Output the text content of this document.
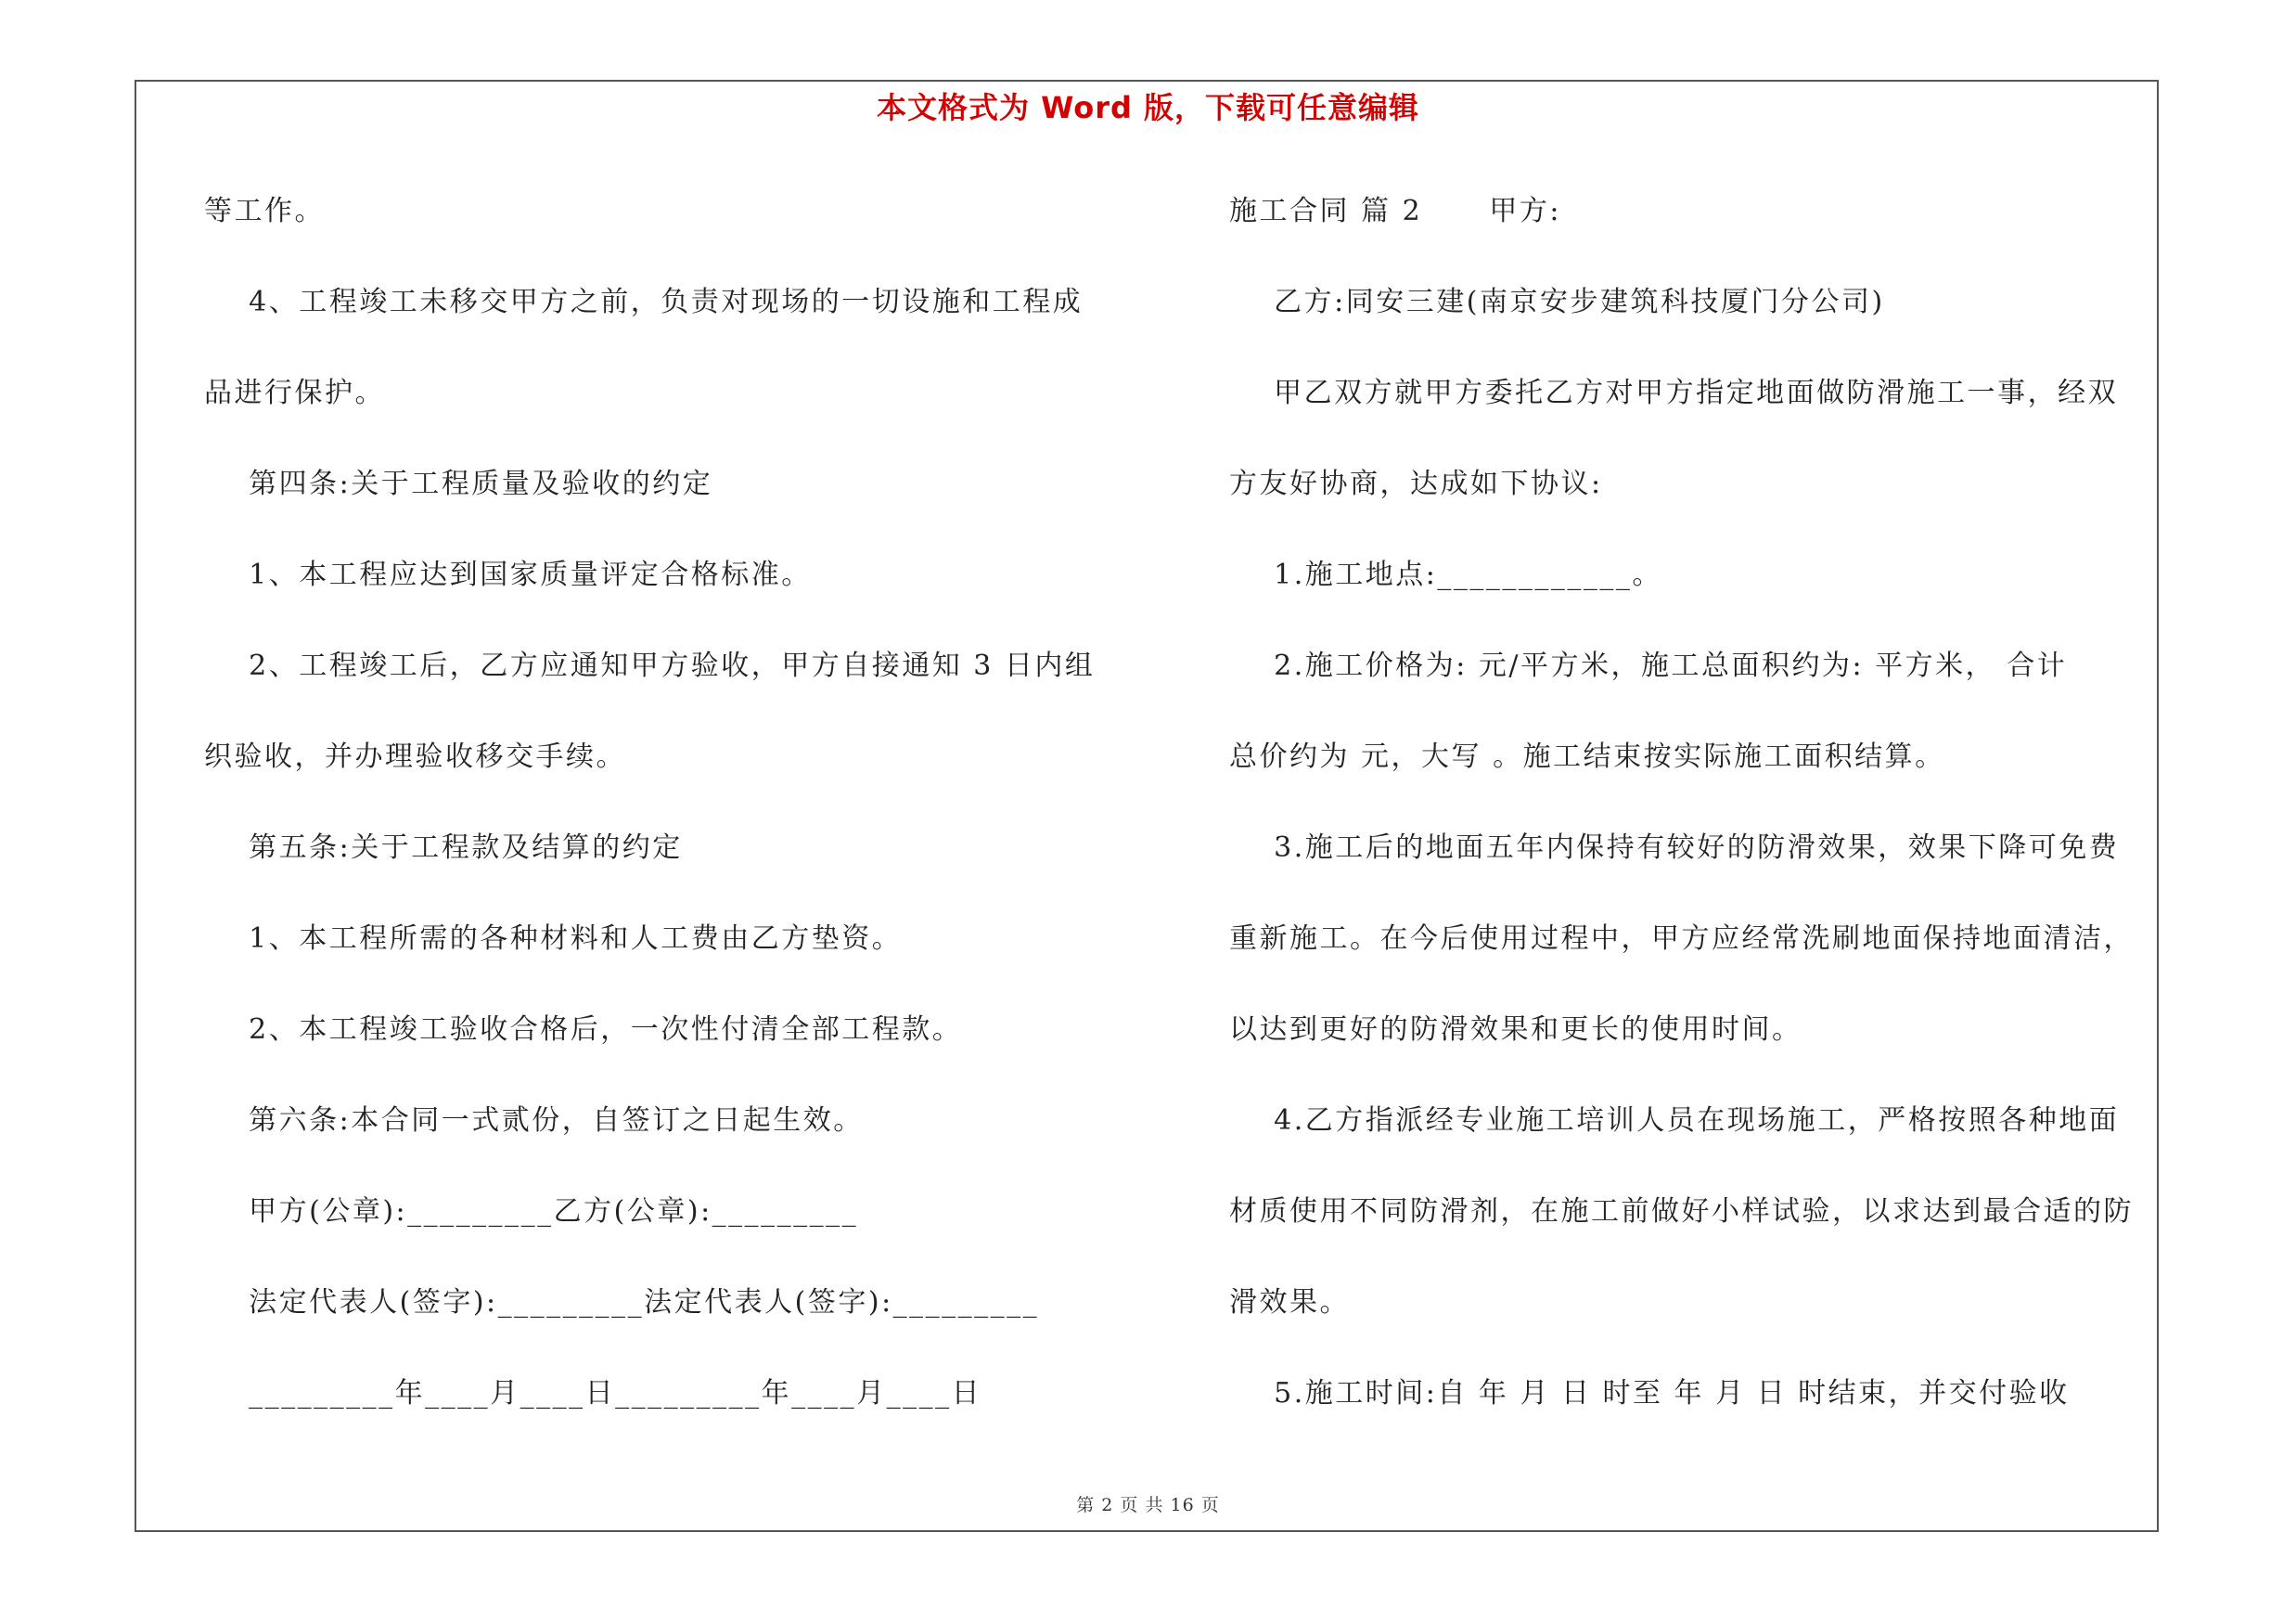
本文格式为 Word 版，下载可任意编辑
等工作。
4、工程竣工未移交甲方之前，负责对现场的一切设施和工程成
品进行保护。
第四条:关于工程质量及验收的约定
1、本工程应达到国家质量评定合格标准。
2、工程竣工后，乙方应通知甲方验收，甲方自接通知 3 日内组
织验收，并办理验收移交手续。
第五条:关于工程款及结算的约定
1、本工程所需的各种材料和人工费由乙方垫资。
2、本工程竣工验收合格后，一次性付清全部工程款。
第六条:本合同一式贰份，自签订之日起生效。
甲方(公章):_________乙方(公章):_________
法定代表人(签字):_________法定代表人(签字):_________
_________年____月____日_________年____月____日
施工合同 篇 2      甲方:
乙方:同安三建(南京安步建筑科技厦门分公司)
甲乙双方就甲方委托乙方对甲方指定地面做防滑施工一事，经双
方友好协商，达成如下协议:
1.施工地点:____________。
2.施工价格为: 元/平方米，施工总面积约为: 平方米， 合计
总价约为 元，大写 。施工结束按实际施工面积结算。
3.施工后的地面五年内保持有较好的防滑效果，效果下降可免费
重新施工。在今后使用过程中，甲方应经常洗刷地面保持地面清洁，
以达到更好的防滑效果和更长的使用时间。
4.乙方指派经专业施工培训人员在现场施工，严格按照各种地面
材质使用不同防滑剂，在施工前做好小样试验，以求达到最合适的防
滑效果。
5.施工时间:自 年 月 日 时至 年 月 日 时结束，并交付验收
第 2 页 共 16 页
